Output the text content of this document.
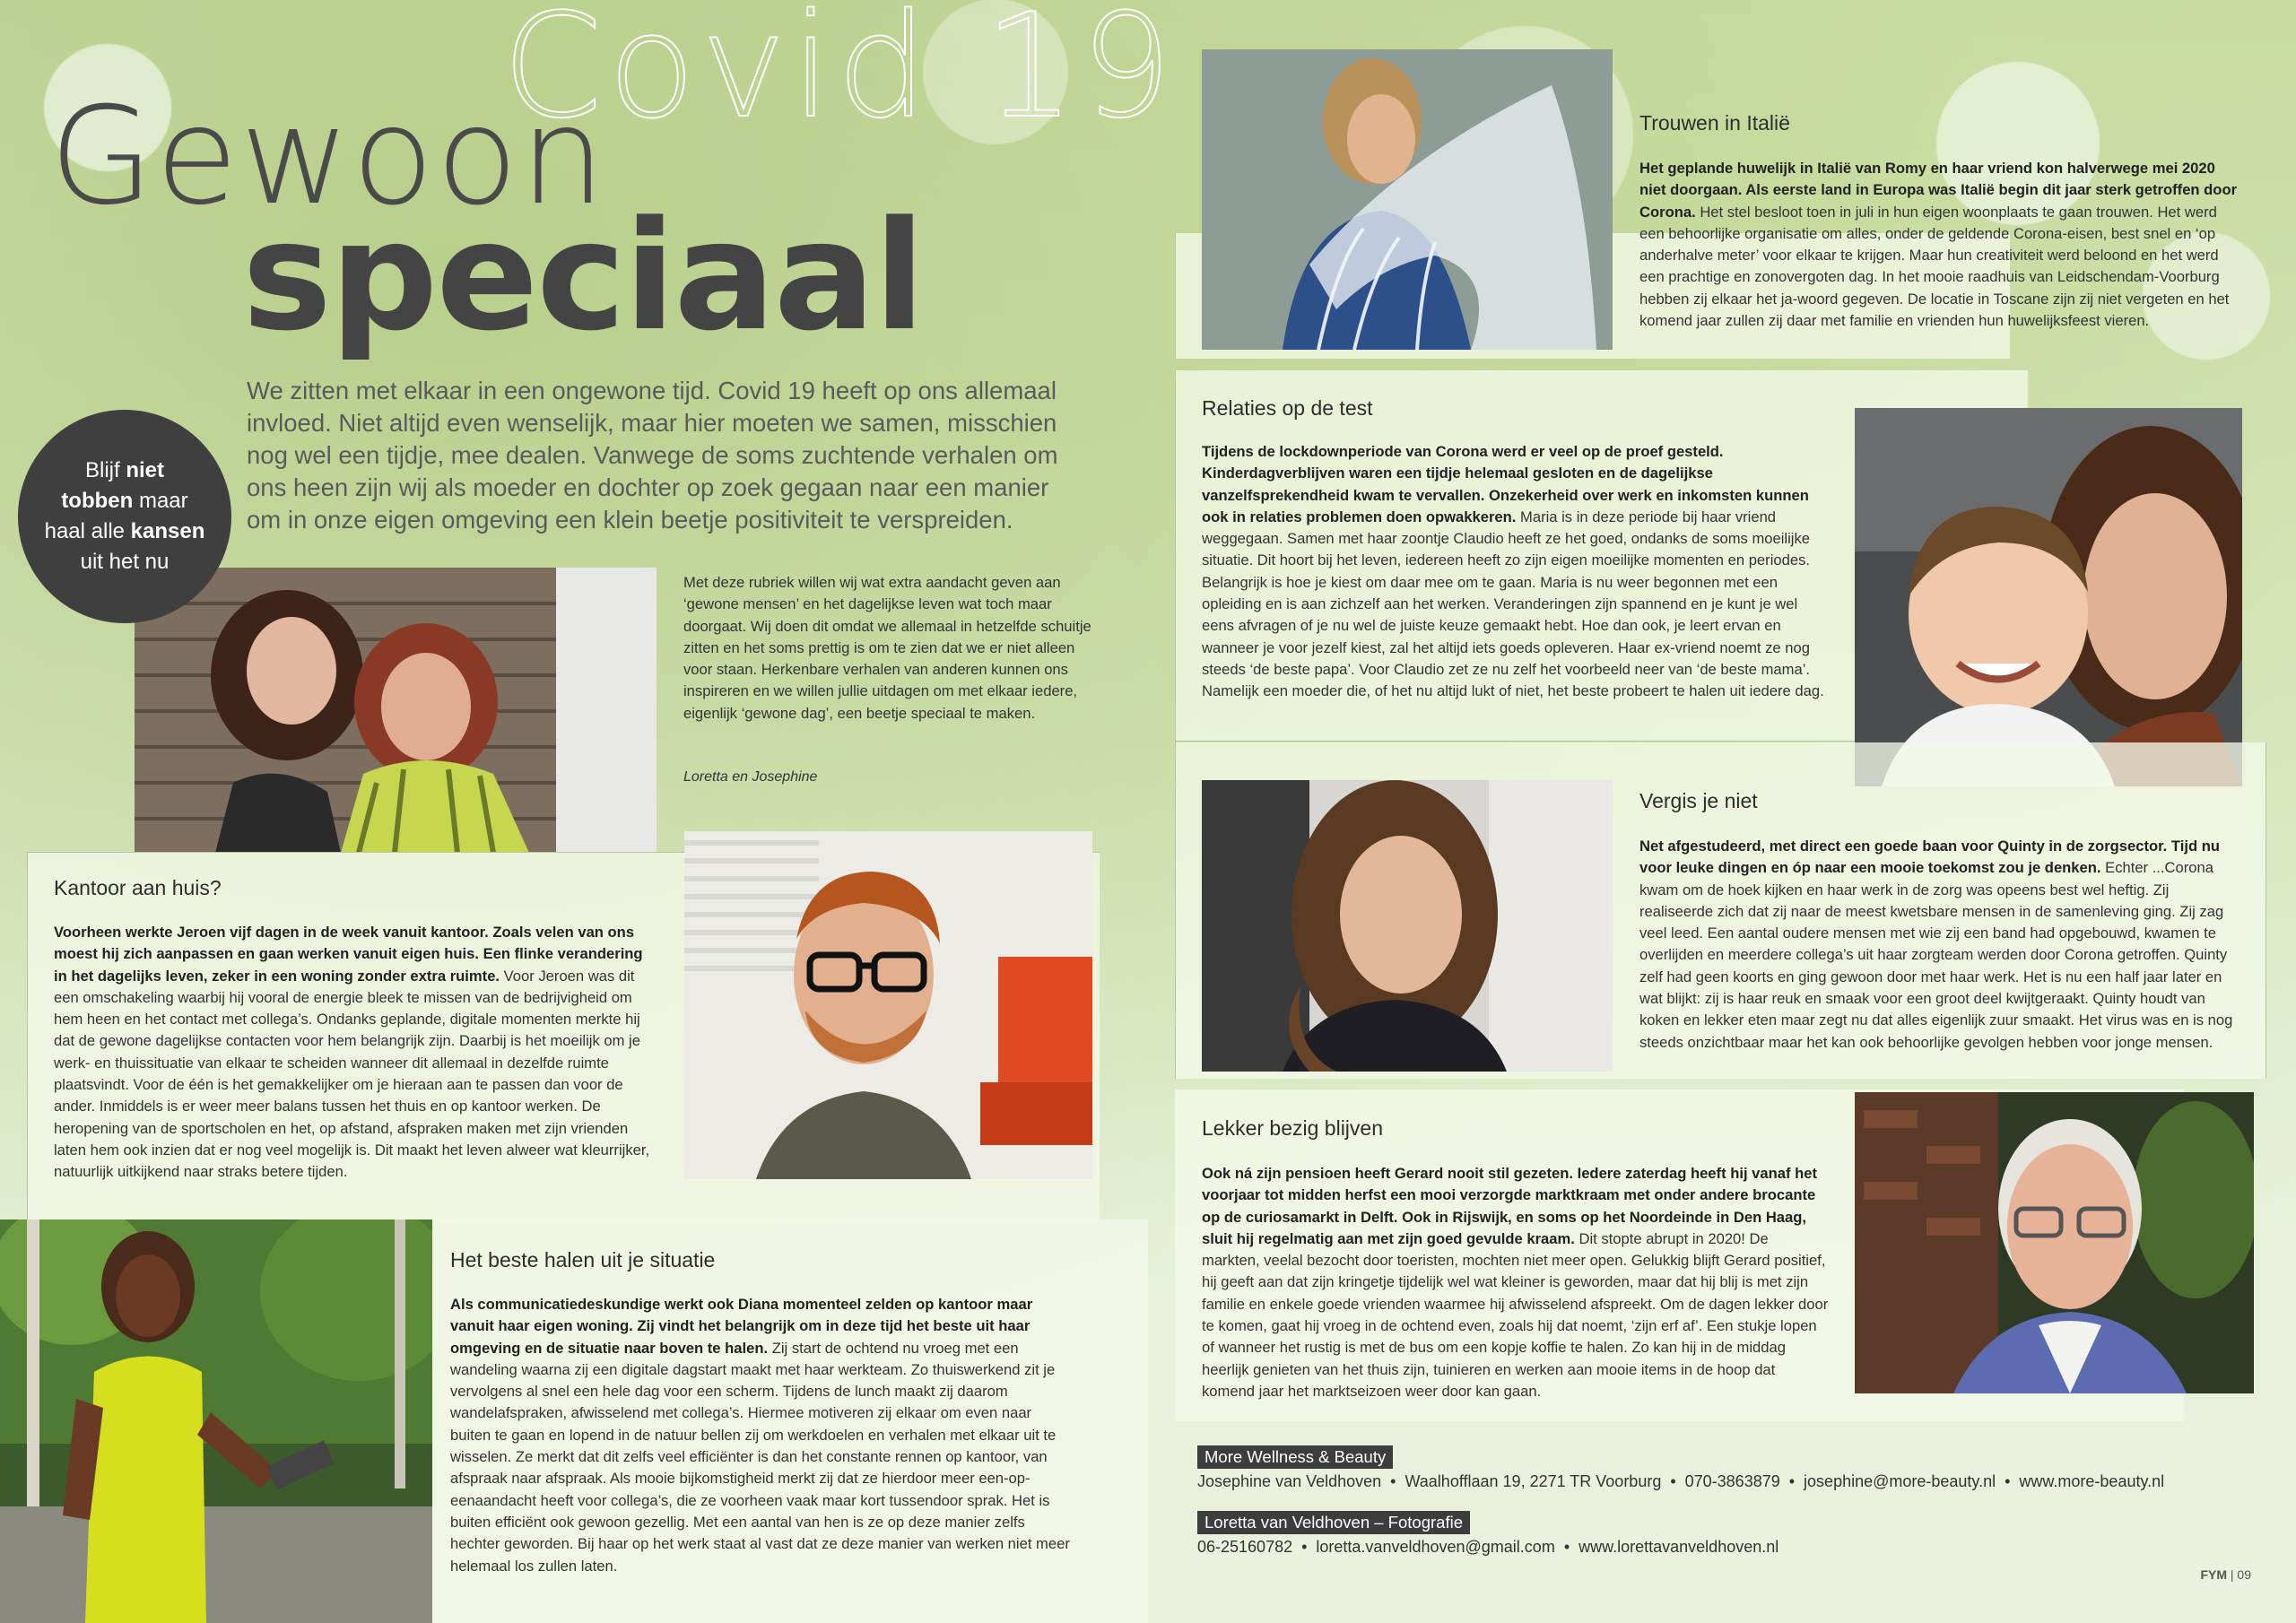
Covid 19
Gewoon
speciaal
We zitten met elkaar in een ongewone tijd. Covid 19 heeft op ons allemaal invloed. Niet altijd even wenselijk, maar hier moeten we samen, misschien nog wel een tijdje, mee dealen. Vanwege de soms zuchtende verhalen om ons heen zijn wij als moeder en dochter op zoek gegaan naar een manier om in onze eigen omgeving een klein beetje positiviteit te verspreiden.

Blijf niet
tobben maar
haal alle kansen
uit het nu

Met deze rubriek willen wij wat extra aandacht geven aan ‘gewone mensen’ en het dagelijkse leven wat toch maar doorgaat. Wij doen dit omdat we allemaal in hetzelfde schuitje zitten en het soms prettig is om te zien dat we er niet alleen voor staan. Herkenbare verhalen van anderen kunnen ons inspireren en we willen jullie uitdagen om met elkaar iedere, eigenlijk ‘gewone dag’, een beetje speciaal te maken.
Loretta en Josephine
Kantoor aan huis?
Voorheen werkte Jeroen vijf dagen in de week vanuit kantoor. Zoals velen van ons moest hij zich aanpassen en gaan werken vanuit eigen huis. Een flinke verandering in het dagelijks leven, zeker in een woning zonder extra ruimte. Voor Jeroen was dit een omschakeling waarbij hij vooral de energie bleek te missen van de bedrijvigheid om hem heen en het contact met collega’s. Ondanks geplande, digitale momenten merkte hij dat de gewone dagelijkse contacten voor hem belangrijk zijn. Daarbij is het moeilijk om je werk- en thuissituatie van elkaar te scheiden wanneer dit allemaal in dezelfde ruimte plaatsvindt. Voor de één is het gemakkelijker om je hieraan aan te passen dan voor de ander. Inmiddels is er weer meer balans tussen het thuis en op kantoor werken. De heropening van de sportscholen en het, op afstand, afspraken maken met zijn vrienden laten hem ook inzien dat er nog veel mogelijk is. Dit maakt het leven alweer wat kleurrijker, natuurlijk uitkijkend naar straks betere tijden.
Het beste halen uit je situatie
Als communicatiedeskundige werkt ook Diana momenteel zelden op kantoor maar vanuit haar eigen woning. Zij vindt het belangrijk om in deze tijd het beste uit haar omgeving en de situatie naar boven te halen. Zij start de ochtend nu vroeg met een wandeling waarna zij een digitale dagstart maakt met haar werkteam. Zo thuiswerkend zit je vervolgens al snel een hele dag voor een scherm. Tijdens de lunch maakt zij daarom wandelafspraken, afwisselend met collega’s. Hiermee motiveren zij elkaar om even naar buiten te gaan en lopend in de natuur bellen zij om werkdoelen en verhalen met elkaar uit te wisselen. Ze merkt dat dit zelfs veel efficiënter is dan het constante rennen op kantoor, van afspraak naar afspraak. Als mooie bijkomstigheid merkt zij dat ze hierdoor meer een-op-eenaandacht heeft voor collega’s, die ze voorheen vaak maar kort tussendoor sprak. Het is buiten efficiënt ook gewoon gezellig. Met een aantal van hen is ze op deze manier zelfs hechter geworden. Bij haar op het werk staat al vast dat ze deze manier van werken niet meer helemaal los zullen laten.
Trouwen in Italië
Het geplande huwelijk in Italië van Romy en haar vriend kon halverwege mei 2020 niet doorgaan. Als eerste land in Europa was Italië begin dit jaar sterk getroffen door Corona. Het stel besloot toen in juli in hun eigen woonplaats te gaan trouwen. Het werd een behoorlijke organisatie om alles, onder de geldende Corona-eisen, best snel en ‘op anderhalve meter’ voor elkaar te krijgen. Maar hun creativiteit werd beloond en het werd een prachtige en zonovergoten dag. In het mooie raadhuis van Leidschendam-Voorburg hebben zij elkaar het ja-woord gegeven. De locatie in Toscane zijn zij niet vergeten en het komend jaar zullen zij daar met familie en vrienden hun huwelijksfeest vieren.
Relaties op de test
Tijdens de lockdownperiode van Corona werd er veel op de proef gesteld. Kinderdagverblijven waren een tijdje helemaal gesloten en de dagelijkse vanzelfsprekendheid kwam te vervallen. Onzekerheid over werk en inkomsten kunnen ook in relaties problemen doen opwakkeren. Maria is in deze periode bij haar vriend weggegaan. Samen met haar zoontje Claudio heeft ze het goed, ondanks de soms moeilijke situatie. Dit hoort bij het leven, iedereen heeft zo zijn eigen moeilijke momenten en periodes. Belangrijk is hoe je kiest om daar mee om te gaan. Maria is nu weer begonnen met een opleiding en is aan zichzelf aan het werken. Veranderingen zijn spannend en je kunt je wel eens afvragen of je nu wel de juiste keuze gemaakt hebt. Hoe dan ook, je leert ervan en wanneer je voor jezelf kiest, zal het altijd iets goeds opleveren. Haar ex-vriend noemt ze nog steeds ‘de beste papa’. Voor Claudio zet ze nu zelf het voorbeeld neer van ‘de beste mama’. Namelijk een moeder die, of het nu altijd lukt of niet, het beste probeert te halen uit iedere dag.
Vergis je niet
Net afgestudeerd, met direct een goede baan voor Quinty in de zorgsector. Tijd nu voor leuke dingen en óp naar een mooie toekomst zou je denken. Echter ...Corona kwam om de hoek kijken en haar werk in de zorg was opeens best wel heftig. Zij realiseerde zich dat zij naar de meest kwetsbare mensen in de samenleving ging. Zij zag veel leed. Een aantal oudere mensen met wie zij een band had opgebouwd, kwamen te overlijden en meerdere collega’s uit haar zorgteam werden door Corona getroffen. Quinty zelf had geen koorts en ging gewoon door met haar werk. Het is nu een half jaar later en wat blijkt: zij is haar reuk en smaak voor een groot deel kwijtgeraakt. Quinty houdt van koken en lekker eten maar zegt nu dat alles eigenlijk zuur smaakt. Het virus was en is nog steeds onzichtbaar maar het kan ook behoorlijke gevolgen hebben voor jonge mensen.
Lekker bezig blijven
Ook ná zijn pensioen heeft Gerard nooit stil gezeten. Iedere zaterdag heeft hij vanaf het voorjaar tot midden herfst een mooi verzorgde marktkraam met onder andere brocante op de curiosamarkt in Delft. Ook in Rijswijk, en soms op het Noordeinde in Den Haag, sluit hij regelmatig aan met zijn goed gevulde kraam. Dit stopte abrupt in 2020! De markten, veelal bezocht door toeristen, mochten niet meer open. Gelukkig blijft Gerard positief, hij geeft aan dat zijn kringetje tijdelijk wel wat kleiner is geworden, maar dat hij blij is met zijn familie en enkele goede vrienden waarmee hij afwisselend afspreekt. Om de dagen lekker door te komen, gaat hij vroeg in de ochtend even, zoals hij dat noemt, ‘zijn erf af’. Een stukje lopen of wanneer het rustig is met de bus om een kopje koffie te halen. Zo kan hij in de middag heerlijk genieten van het thuis zijn, tuinieren en werken aan mooie items in de hoop dat komend jaar het marktseizoen weer door kan gaan.
More Wellness & Beauty
Josephine van Veldhoven  •  Waalhofflaan 19, 2271 TR Voorburg  •  070-3863879  •  josephine@more-beauty.nl  •  www.more-beauty.nl
Loretta van Veldhoven – Fotografie
06-25160782  •  loretta.vanveldhoven@gmail.com  •  www.lorettavanveldhoven.nl
FYM | 09
